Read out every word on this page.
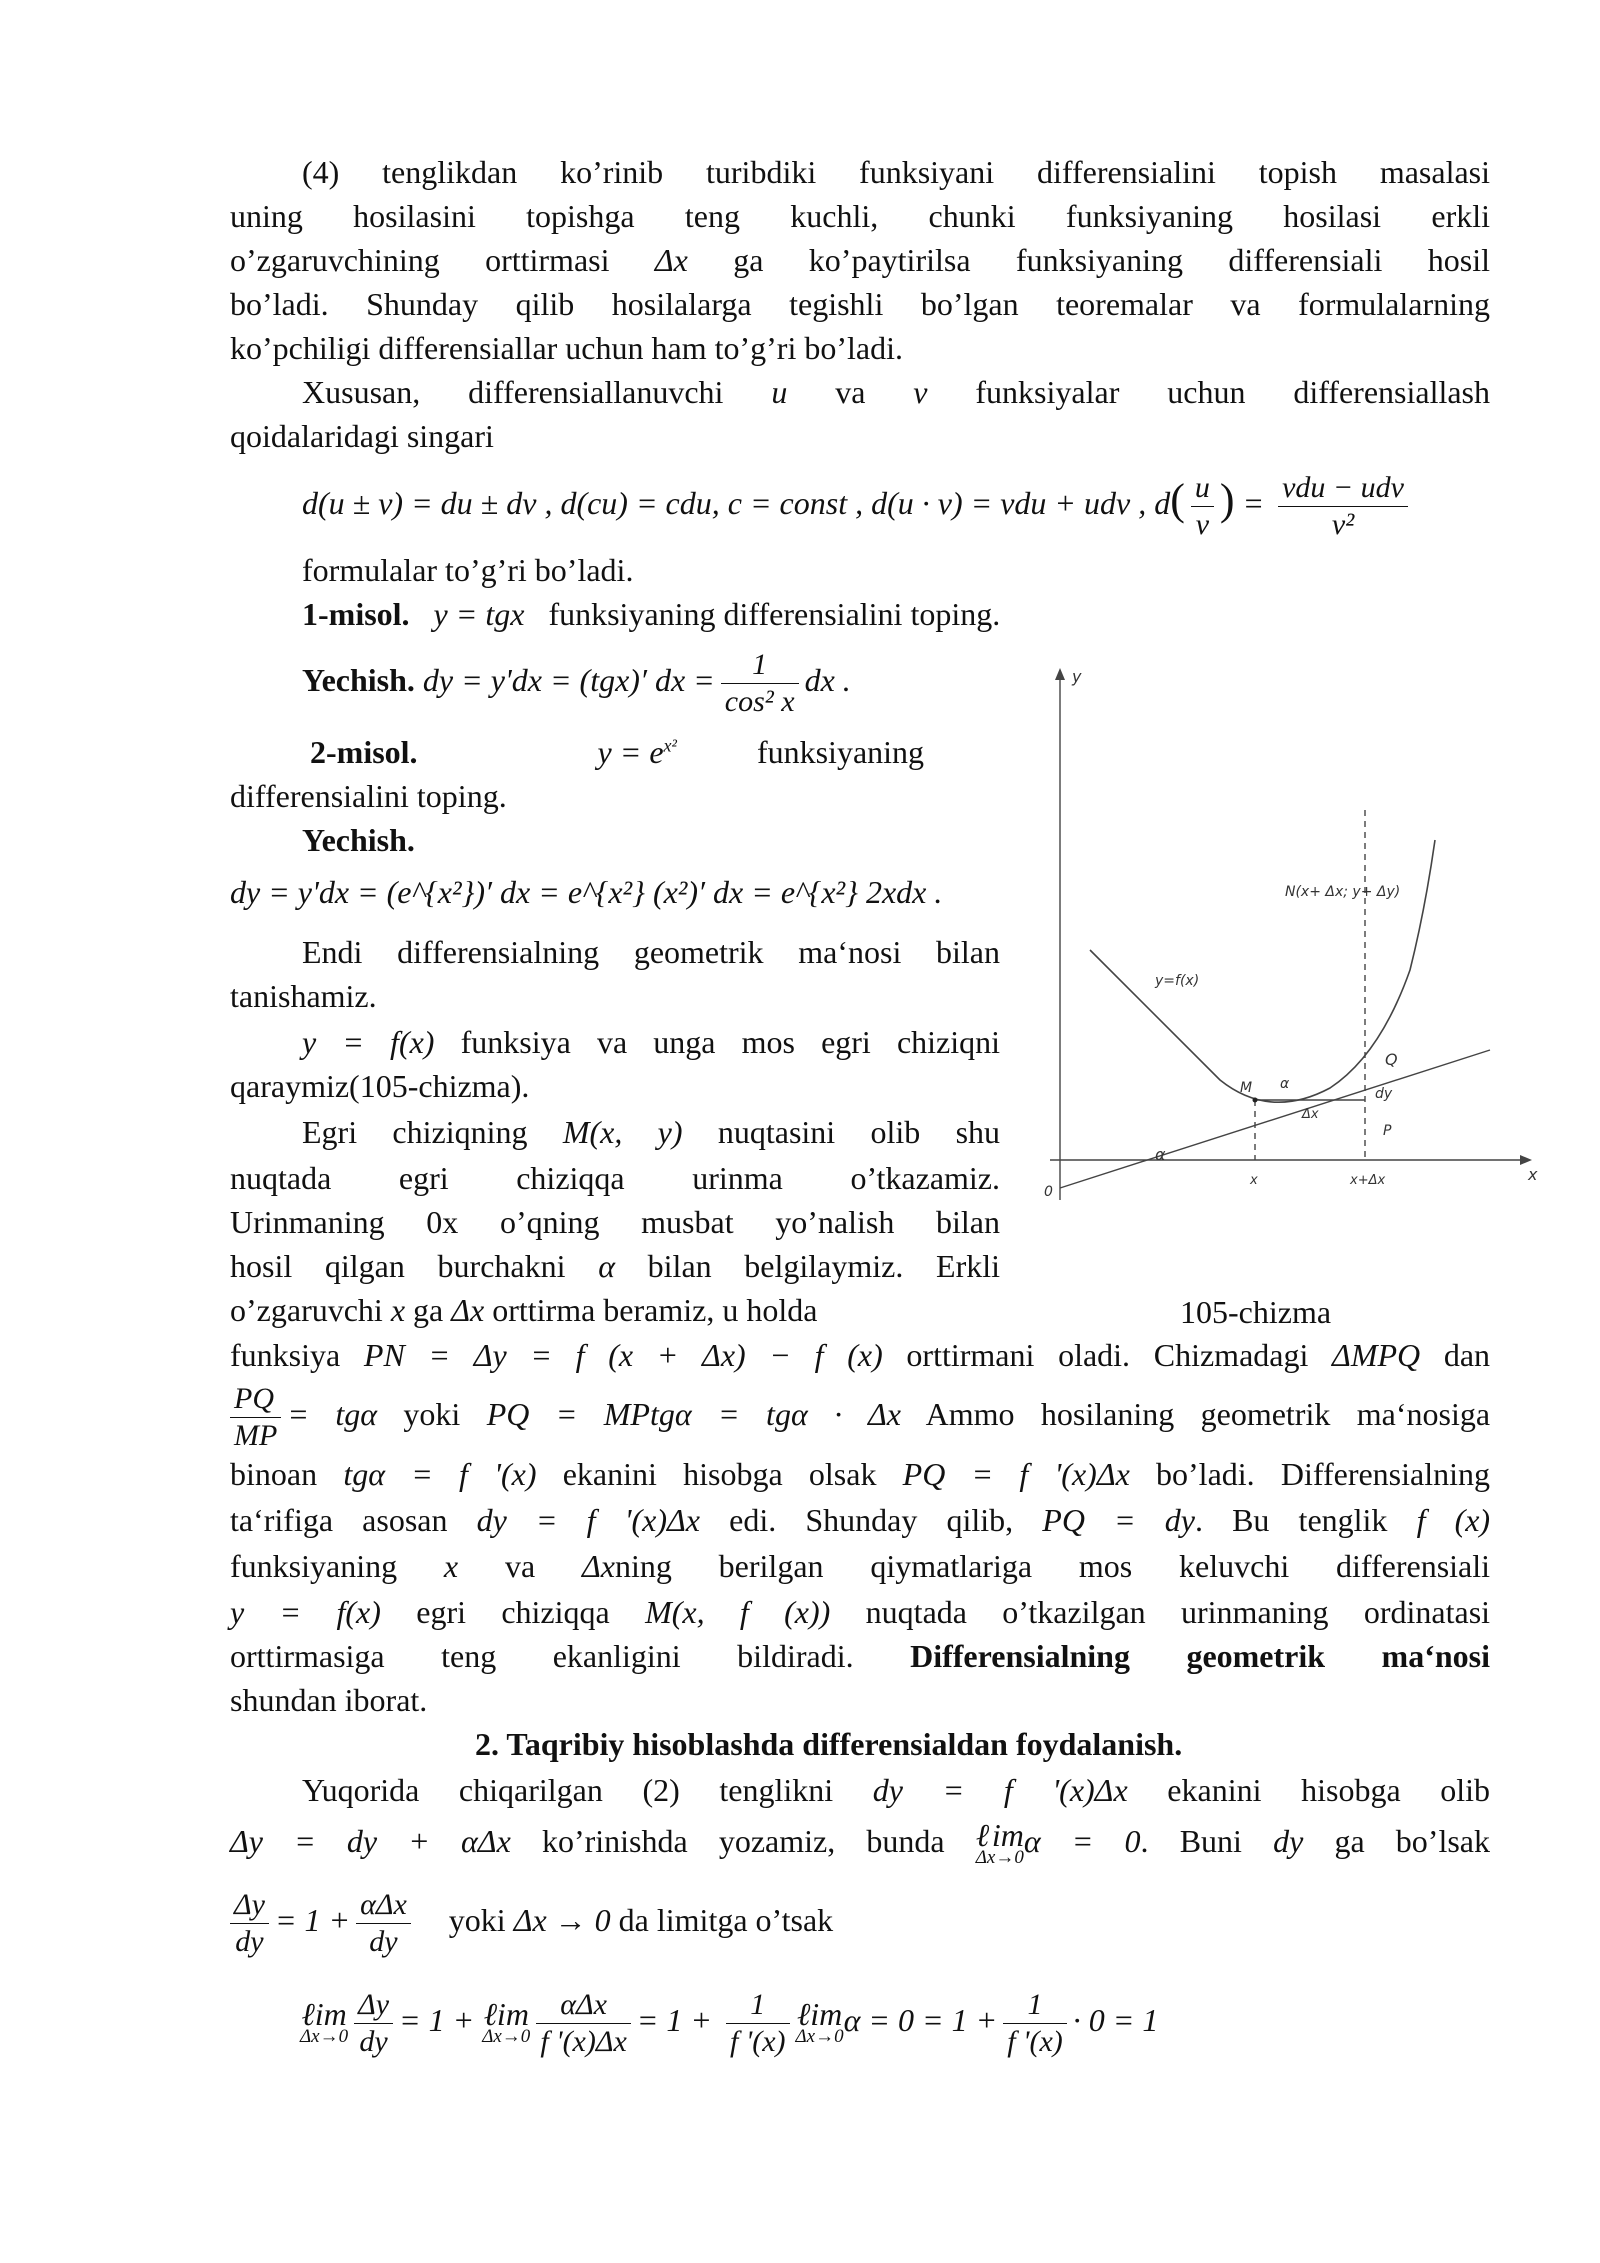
(4) tenglikdan ko’rinib turibdiki funksiyani differensialini topish masalasi
uning hosilasini topishga teng kuchli, chunki funksiyaning hosilasi erkli
o’zgaruvchining orttirmasi Δx ga ko’paytirilsa funksiyaning differensiali hosil
bo’ladi. Shunday qilib hosilalarga tegishli bo’lgan teoremalar va formulalarning
ko’pchiligi differensiallar uchun ham to’g’ri bo’ladi.
Xususan, differensiallanuvchi u va v funksiyalar uchun differensiallash
qoidalaridagi singari
d(u ± v) = du ± dv , d(cu) = cdu, c = const , d(u · v) = vdu + udv , $d( \frac{u}{v}$ ) = $\frac{\text{vdu − udv}}{\text{v²}}$
formulalar to’g’ri bo’ladi.
1-misol. y = tgx funksiyaning differensialini toping.
Yechish. dy = y'dx = (tgx)′ dx = $\frac{1}{\text{cos² x}}$ dx .
2-misol.	$y = e^{x^2}$	funksiyaning
differensialini toping.
Yechish.
dy = y'dx = (e^{x²})′ dx = e^{x²} (x²)′ dx = e^{x²} 2xdx .
Endi differensialning geometrik ma‘nosi bilan
tanishamiz.
y = f(x) funksiya va unga mos egri chiziqni
qaraymiz(105-chizma).
Egri chiziqning M(x, y) nuqtasini olib shu
nuqtada egri chiziqqa urinma o’tkazamiz.
Urinmaning 0x o’qning musbat yo’nalish bilan
hosil qilgan burchakni α bilan belgilaymiz. Erkli
o’zgaruvchi x ga Δx orttirma beramiz, u holda
y
x
0
y=f(x)
N(x+ Δx; y+ Δy)
M
Q
P
dy
Δx
α
α
x	x+Δx
105-chizma
funksiya PN = Δy = f (x + Δx) − f (x) orttirmani oladi. Chizmadagi ΔMPQ dan
$\frac{PQ}{MP} = tg\alpha$ yoki PQ = MPtgα = tgα · Δx Ammo hosilaning geometrik ma‘nosiga
binoan tgα = f '(x) ekanini hisobga olsak PQ = f '(x)Δx bo’ladi. Differensialning
ta‘rifiga asosan dy = f '(x)Δx edi. Shunday qilib, PQ = dy. Bu tenglik f (x)
funksiyaning x va Δxning berilgan qiymatlariga mos keluvchi differensiali
y = f(x) egri chiziqqa M(x, f (x)) nuqtada o’tkazilgan urinmaning ordinatasi
orttirmasiga teng ekanligini bildiradi. Differensialning geometrik ma‘nosi
shundan iborat.
2. Taqribiy hisoblashda differensialdan foydalanish.
Yuqorida chiqarilgan (2) tenglikni dy = f '(x)Δx ekanini hisobga olib
Δy = dy + αΔx ko’rinishda yozamiz, bunda ℓim
Δx→0 α = 0. Buni dy ga bo’lsak
$\frac{\Delta y}{dy} = 1 + \frac{\text{αΔx}}{dy}$ yoki Δx → 0 da limitga o’tsak
ℓim
$\Delta x\to 0 \frac{\Delta y}{dy} = 1$ + ℓim
$\Delta x\to 0 \frac{\text{αΔx}}{f '(x)\Delta x} = 1 + \frac{1}{f '(x)}$ ℓim
Δx→0 $\alpha = 0 = 1 + \frac{1}{f '(x)} \cdot 0 = 1$
